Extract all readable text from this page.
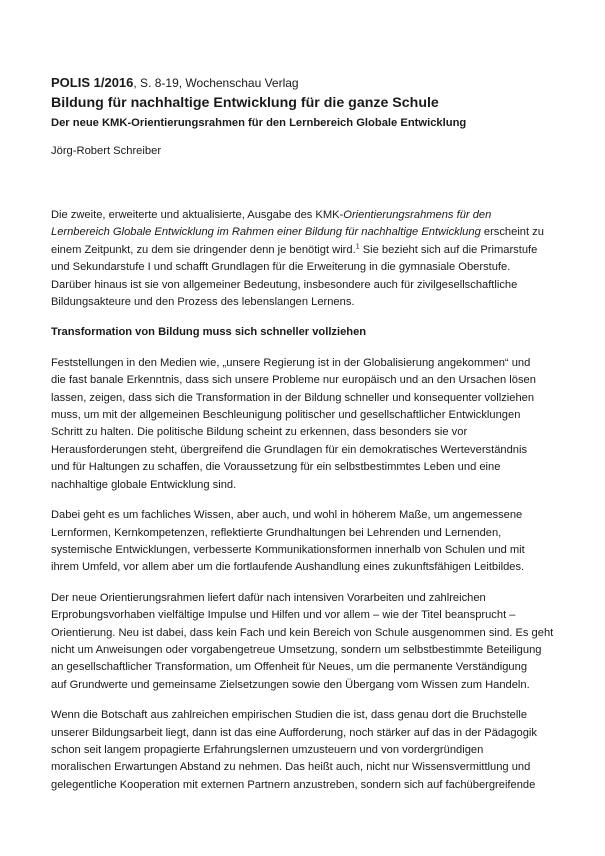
POLIS 1/2016, S. 8-19, Wochenschau Verlag
Bildung für nachhaltige Entwicklung für die ganze Schule
Der neue KMK-Orientierungsrahmen für den Lernbereich Globale Entwicklung
Jörg-Robert Schreiber
Die zweite, erweiterte und aktualisierte, Ausgabe des KMK-Orientierungsrahmens für den
Lernbereich Globale Entwicklung im Rahmen einer Bildung für nachhaltige Entwicklung erscheint zu
einem Zeitpunkt, zu dem sie dringender denn je benötigt wird.$^1$ Sie bezieht sich auf die Primarstufe
und Sekundarstufe I und schafft Grundlagen für die Erweiterung in die gymnasiale Oberstufe.
Darüber hinaus ist sie von allgemeiner Bedeutung, insbesondere auch für zivilgesellschaftliche
Bildungsakteure und den Prozess des lebenslangen Lernens.
Transformation von Bildung muss sich schneller vollziehen
Feststellungen in den Medien wie, „unsere Regierung ist in der Globalisierung angekommen“ und
die fast banale Erkenntnis, dass sich unsere Probleme nur europäisch und an den Ursachen lösen
lassen, zeigen, dass sich die Transformation in der Bildung schneller und konsequenter vollziehen
muss, um mit der allgemeinen Beschleunigung politischer und gesellschaftlicher Entwicklungen
Schritt zu halten. Die politische Bildung scheint zu erkennen, dass besonders sie vor
Herausforderungen steht, übergreifend die Grundlagen für ein demokratisches Werteverständnis
und für Haltungen zu schaffen, die Voraussetzung für ein selbstbestimmtes Leben und eine
nachhaltige globale Entwicklung sind.
Dabei geht es um fachliches Wissen, aber auch, und wohl in höherem Maße, um angemessene
Lernformen, Kernkompetenzen, reflektierte Grundhaltungen bei Lehrenden und Lernenden,
systemische Entwicklungen, verbesserte Kommunikationsformen innerhalb von Schulen und mit
ihrem Umfeld, vor allem aber um die fortlaufende Aushandlung eines zukunftsfähigen Leitbildes.
Der neue Orientierungsrahmen liefert dafür nach intensiven Vorarbeiten und zahlreichen
Erprobungsvorhaben vielfältige Impulse und Hilfen und vor allem – wie der Titel beansprucht –
Orientierung. Neu ist dabei, dass kein Fach und kein Bereich von Schule ausgenommen sind. Es geht
nicht um Anweisungen oder vorgabengetreue Umsetzung, sondern um selbstbestimmte Beteiligung
an gesellschaftlicher Transformation, um Offenheit für Neues, um die permanente Verständigung
auf Grundwerte und gemeinsame Zielsetzungen sowie den Übergang vom Wissen zum Handeln.
Wenn die Botschaft aus zahlreichen empirischen Studien die ist, dass genau dort die Bruchstelle
unserer Bildungsarbeit liegt, dann ist das eine Aufforderung, noch stärker auf das in der Pädagogik
schon seit langem propagierte Erfahrungslernen umzusteuern und von vordergründigen
moralischen Erwartungen Abstand zu nehmen. Das heißt auch, nicht nur Wissensvermittlung und
gelegentliche Kooperation mit externen Partnern anzustreben, sondern sich auf fachübergreifende
